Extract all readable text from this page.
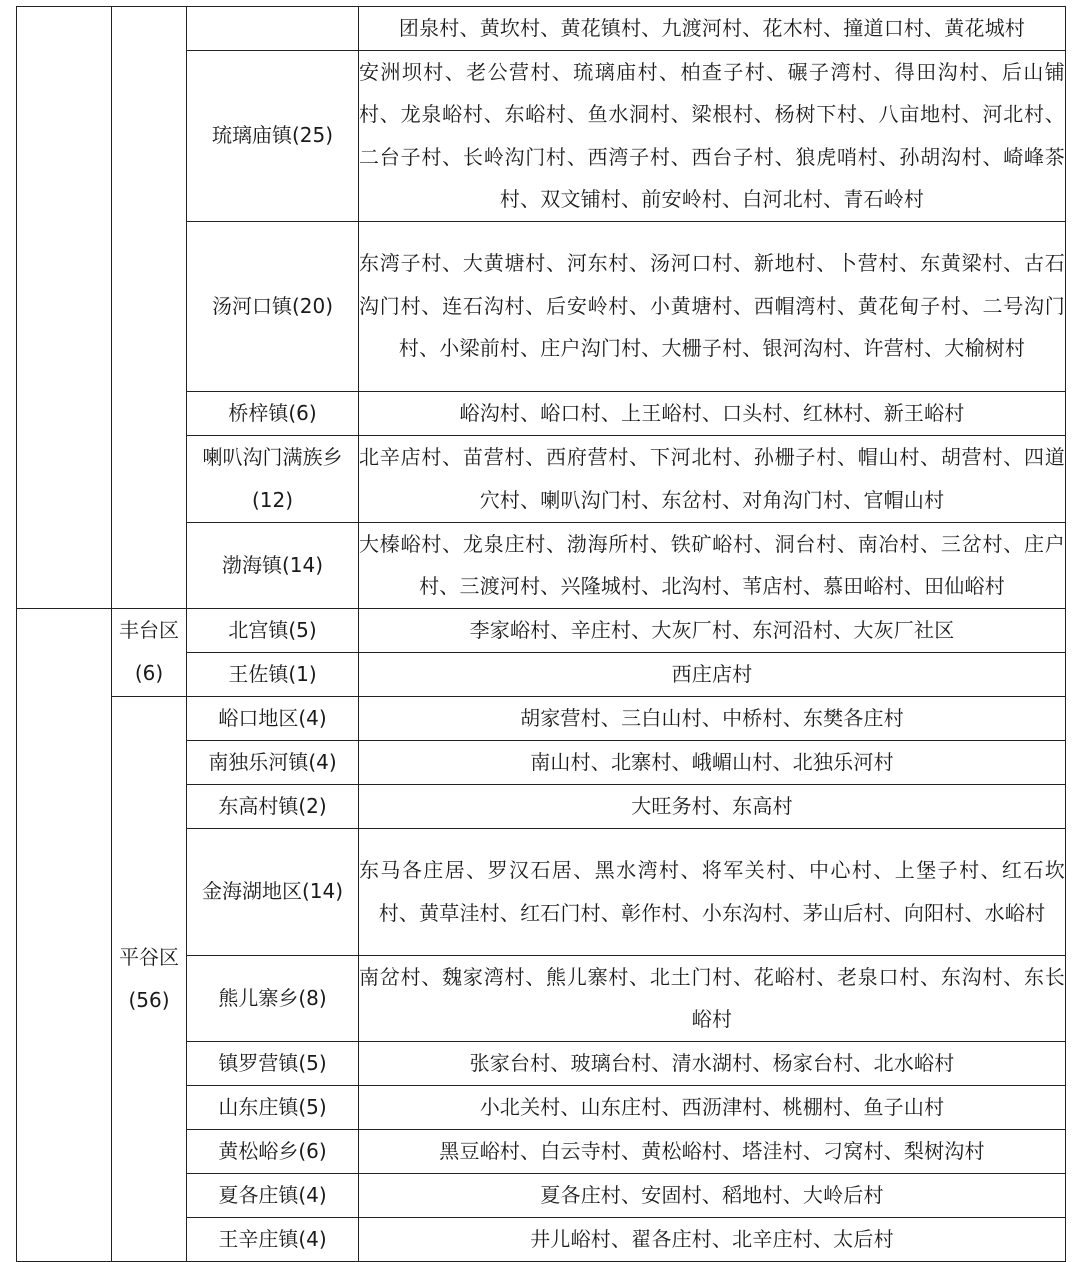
			团泉村、黄坎村、黄花镇村、九渡河村、花木村、撞道口村、黄花城村
		琉璃庙镇(25)	安洲坝村、老公营村、琉璃庙村、柏查子村、碾子湾村、得田沟村、后山铺村、龙泉峪村、东峪村、鱼水洞村、梁根村、杨树下村、八亩地村、河北村、二台子村、长岭沟门村、西湾子村、西台子村、狼虎哨村、孙胡沟村、崎峰茶村、双文铺村、前安岭村、白河北村、青石岭村
		汤河口镇(20)	东湾子村、大黄塘村、河东村、汤河口村、新地村、卜营村、东黄梁村、古石沟门村、连石沟村、后安岭村、小黄塘村、西帽湾村、黄花甸子村、二号沟门村、小梁前村、庄户沟门村、大栅子村、银河沟村、许营村、大榆树村
		桥梓镇(6)	峪沟村、峪口村、上王峪村、口头村、红林村、新王峪村
		喇叭沟门满族乡(12)	北辛店村、苗营村、西府营村、下河北村、孙栅子村、帽山村、胡营村、四道穴村、喇叭沟门村、东岔村、对角沟门村、官帽山村
		渤海镇(14)	大榛峪村、龙泉庄村、渤海所村、铁矿峪村、洞台村、南冶村、三岔村、庄户村、三渡河村、兴隆城村、北沟村、苇店村、慕田峪村、田仙峪村
	丰台区(6)	北宫镇(5)	李家峪村、辛庄村、大灰厂村、东河沿村、大灰厂社区
		王佐镇(1)	西庄店村
	平谷区(56)	峪口地区(4)	胡家营村、三白山村、中桥村、东樊各庄村
		南独乐河镇(4)	南山村、北寨村、峨嵋山村、北独乐河村
		东高村镇(2)	大旺务村、东高村
		金海湖地区(14)	东马各庄居、罗汉石居、黑水湾村、将军关村、中心村、上堡子村、红石坎村、黄草洼村、红石门村、彰作村、小东沟村、茅山后村、向阳村、水峪村
		熊儿寨乡(8)	南岔村、魏家湾村、熊儿寨村、北土门村、花峪村、老泉口村、东沟村、东长峪村
		镇罗营镇(5)	张家台村、玻璃台村、清水湖村、杨家台村、北水峪村
		山东庄镇(5)	小北关村、山东庄村、西沥津村、桃棚村、鱼子山村
		黄松峪乡(6)	黑豆峪村、白云寺村、黄松峪村、塔洼村、刁窝村、梨树沟村
		夏各庄镇(4)	夏各庄村、安固村、稻地村、大岭后村
		王辛庄镇(4)	井儿峪村、翟各庄村、北辛庄村、太后村
